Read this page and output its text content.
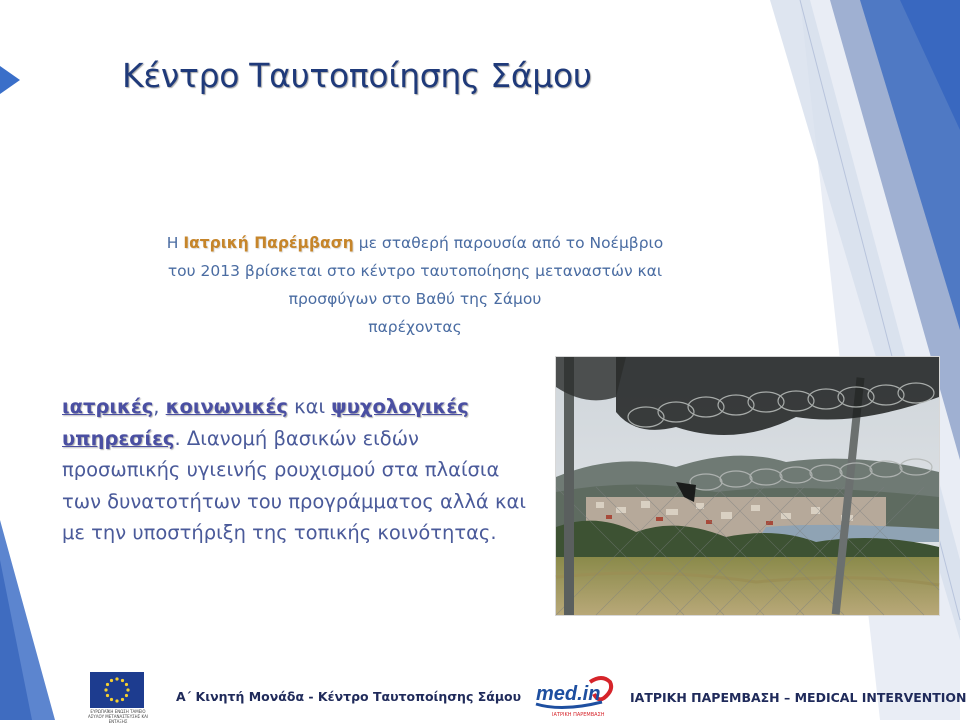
Κέντρο Ταυτοποίησης Σάμου
Η Ιατρική Παρέμβαση με σταθερή παρουσία από το Νοέμβριο
του 2013 βρίσκεται στο κέντρο ταυτοποίησης μεταναστών και
προσφύγων στο Βαθύ της Σάμου
παρέχοντας
ιατρικές, κοινωνικές και ψυχολογικές υπηρεσίες. Διανομή βασικών ειδών προσωπικής υγιεινής ρουχισμού στα πλαίσια των δυνατοτήτων του προγράμματος αλλά και με την υποστήριξη της τοπικής κοινότητας.
ΕΥΡΩΠΑΪΚΗ ΕΝΩΣΗ ΤΑΜΕΙΟ ΑΣΥΛΟΥ ΜΕΤΑΝΑΣΤΕΥΣΗΣ ΚΑΙ ΕΝΤΑΞΗΣ
Α΄ Κινητή Μονάδα - Κέντρο Ταυτοποίησης Σάμου med.in
ΙΑΤΡΙΚΗ ΠΑΡΕΜΒΑΣΗ
ΙΑΤΡΙΚΗ ΠΑΡΕΜΒΑΣΗ – MEDICAL INTERVENTION
